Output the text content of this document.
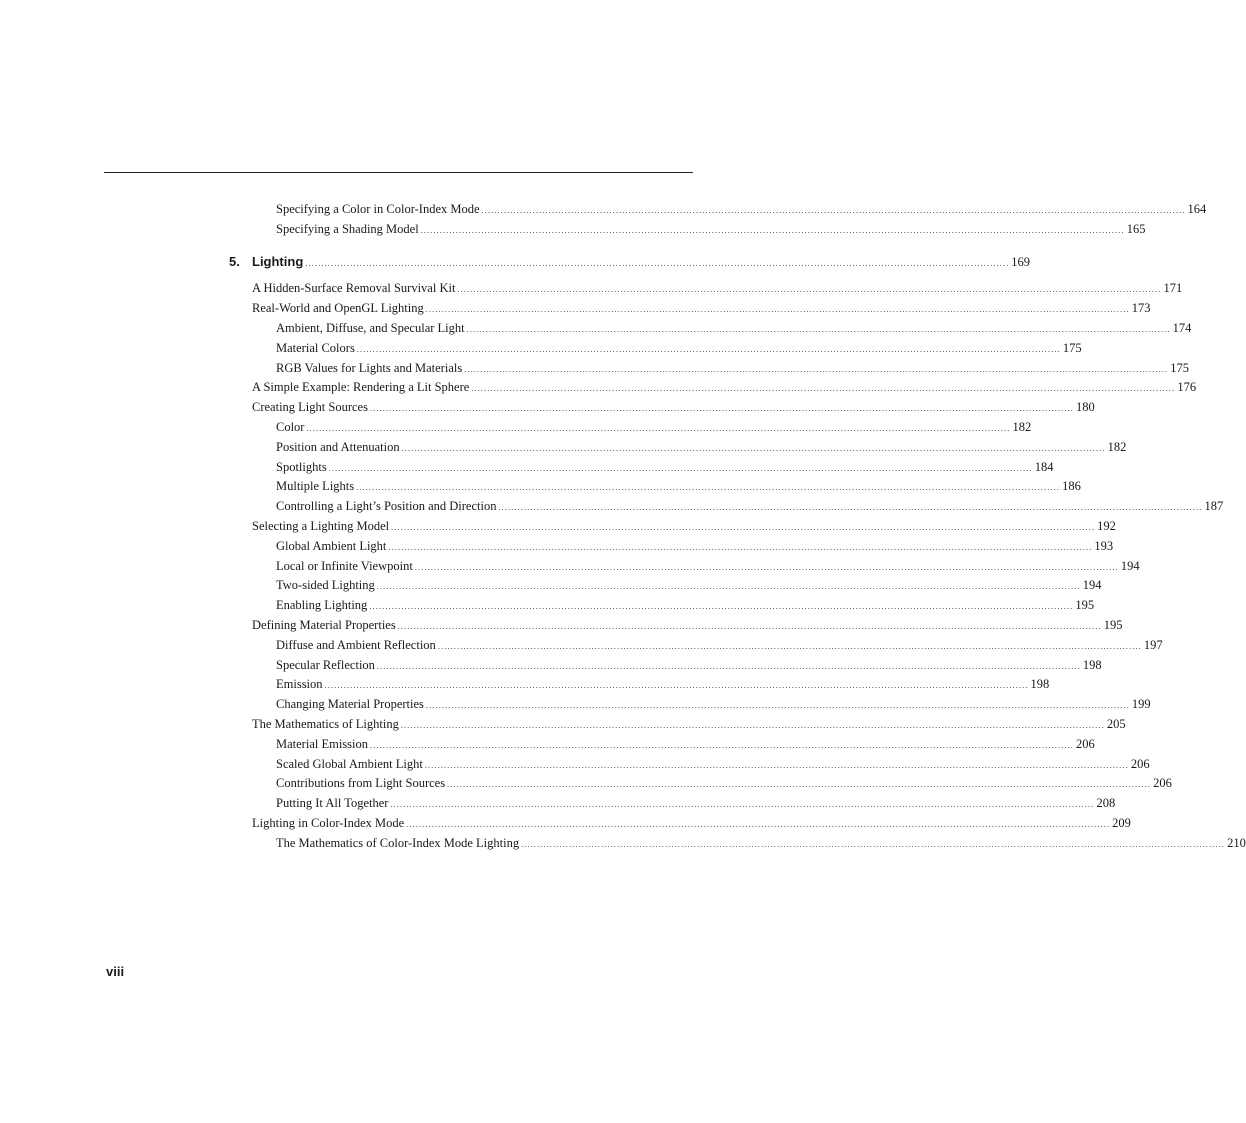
Specifying a Color in Color-Index Mode ............................................................................................................................................................................................................................ 164
Specifying a Shading Model ............................................................................................................................................................................................................................ 165
5. Lighting ............................................................................................................................................................................................................................ 169
A Hidden-Surface Removal Survival Kit ............................................................................................................................................................................................................................ 171
Real-World and OpenGL Lighting ............................................................................................................................................................................................................................ 173
Ambient, Diffuse, and Specular Light ............................................................................................................................................................................................................................ 174
Material Colors ............................................................................................................................................................................................................................ 175
RGB Values for Lights and Materials ............................................................................................................................................................................................................................ 175
A Simple Example: Rendering a Lit Sphere ............................................................................................................................................................................................................................ 176
Creating Light Sources ............................................................................................................................................................................................................................ 180
Color ............................................................................................................................................................................................................................ 182
Position and Attenuation ............................................................................................................................................................................................................................ 182
Spotlights ............................................................................................................................................................................................................................ 184
Multiple Lights ............................................................................................................................................................................................................................ 186
Controlling a Light’s Position and Direction ............................................................................................................................................................................................................................ 187
Selecting a Lighting Model ............................................................................................................................................................................................................................ 192
Global Ambient Light ............................................................................................................................................................................................................................ 193
Local or Infinite Viewpoint ............................................................................................................................................................................................................................ 194
Two-sided Lighting ............................................................................................................................................................................................................................ 194
Enabling Lighting ............................................................................................................................................................................................................................ 195
Defining Material Properties ............................................................................................................................................................................................................................ 195
Diffuse and Ambient Reflection ............................................................................................................................................................................................................................ 197
Specular Reflection ............................................................................................................................................................................................................................ 198
Emission ............................................................................................................................................................................................................................ 198
Changing Material Properties ............................................................................................................................................................................................................................ 199
The Mathematics of Lighting ............................................................................................................................................................................................................................ 205
Material Emission ............................................................................................................................................................................................................................ 206
Scaled Global Ambient Light ............................................................................................................................................................................................................................ 206
Contributions from Light Sources ............................................................................................................................................................................................................................ 206
Putting It All Together ............................................................................................................................................................................................................................ 208
Lighting in Color-Index Mode ............................................................................................................................................................................................................................ 209
The Mathematics of Color-Index Mode Lighting ............................................................................................................................................................................................................................ 210
viii
